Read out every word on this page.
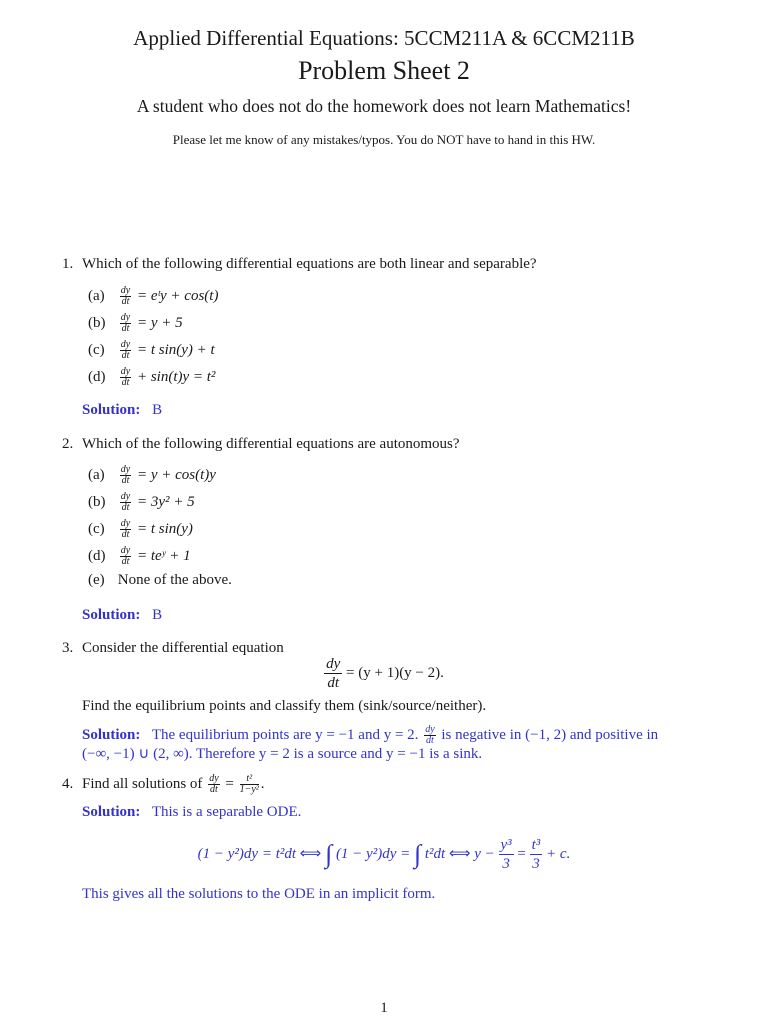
Applied Differential Equations: 5CCM211A & 6CCM211B
Problem Sheet 2
A student who does not do the homework does not learn Mathematics!
Please let me know of any mistakes/typos. You do NOT have to hand in this HW.
1. Which of the following differential equations are both linear and separable?
$(a) \frac{dy}{dt}$ = eᵗy + cos(t)
$(b) \frac{dy}{dt} = y + 5$
$(c) \frac{dy}{dt} = t$ sin(y) + t
$(d) \frac{dy}{dt} + \sin(t)y = t^2$
Solution: B
2. Which of the following differential equations are autonomous?
$(a) \frac{dy}{dt} = y + \cos(t)y$
$(b) \frac{dy}{dt} = 3y^2 + 5$
$(c) \frac{dy}{dt} = t$ sin(y)
$(d) \frac{dy}{dt}$ = teʸ + 1
(e) None of the above.
Solution: B
3. Consider the differential equation
$\frac{dy}{dt} = (y + 1)(y - 2)$.
Find the equilibrium points and classify them (sink/source/neither).
Solution: The equilibrium points are y = −1 and y = 2. $\frac{dy}{dt}$ is negative in (−1, 2) and positive in
(−∞, −1) ∪ (2, ∞). Therefore y = 2 is a source and y = −1 is a sink.
4. Find all solutions of $\frac{dy}{dt} = \frac{\text{t²}}{\text{1−y²}}$ .
Solution: This is a separable ODE.
(1 − y²)dy = t²dt ⟺ ∫ (1 − y²)dy = ∫ t²dt ⟺ $y - \frac{\text{y³}}{3} = \frac{\text{t³}}{3} + c$.
This gives all the solutions to the ODE in an implicit form.
1
